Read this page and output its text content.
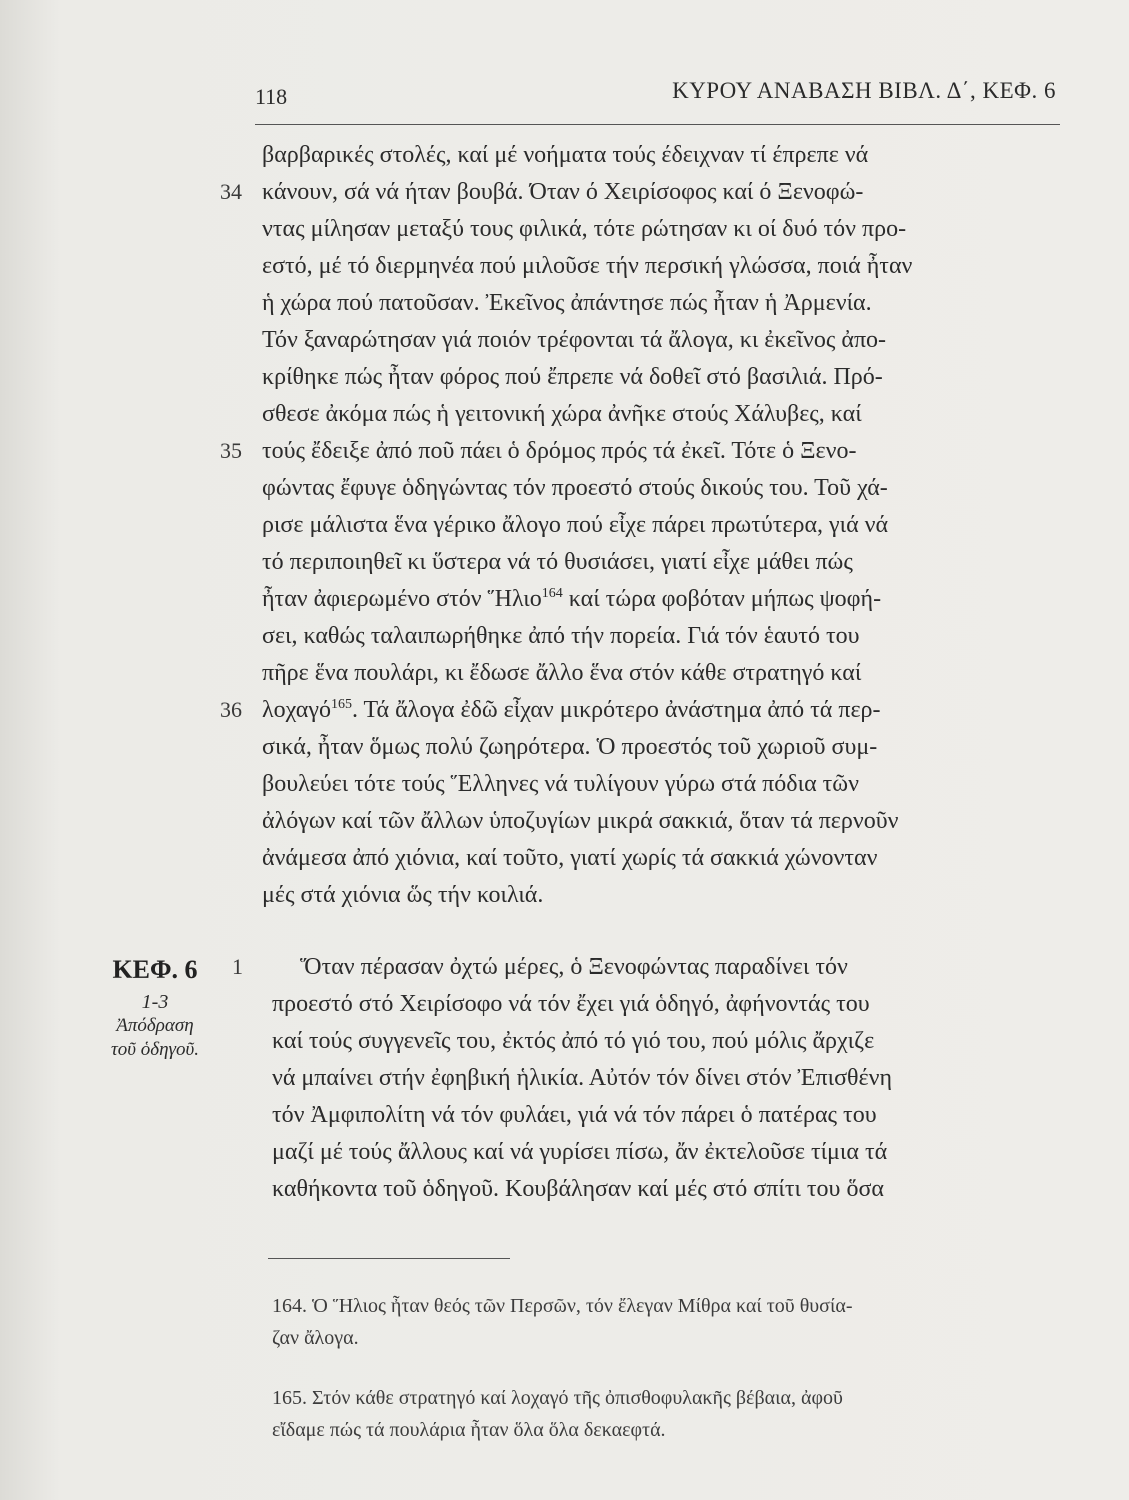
118	ΚΥΡΟΥ ΑΝΑΒΑΣΗ ΒΙΒΛ. Δ΄, ΚΕΦ. 6
βαρβαρικές στολές, καί μέ νοήματα τούς έδειχναν τί έπρεπε νά
34 κάνουν, σά νά ήταν βουβά. Όταν ό Χειρίσοφος καί ό Ξενοφώ-
ντας μίλησαν μεταξύ τους φιλικά, τότε ρώτησαν κι οί δυό τόν προ-
εστό, μέ τό διερμηνέα πού μιλοῦσε τήν περσική γλώσσα, ποιά ἦταν
ἡ χώρα πού πατοῦσαν. Ἐκεῖνος ἀπάντησε πώς ἦταν ἡ Ἀρμενία.
Τόν ξαναρώτησαν γιά ποιόν τρέφονται τά ἄλογα, κι ἐκεῖνος ἀπο-
κρίθηκε πώς ἦταν φόρος πού ἔπρεπε νά δοθεῖ στό βασιλιά. Πρό-
σθεσε ἀκόμα πώς ἡ γειτονική χώρα ἀνῆκε στούς Χάλυβες, καί
35 τούς ἔδειξε ἀπό ποῦ πάει ὁ δρόμος πρός τά ἐκεῖ. Τότε ὁ Ξενο-
φώντας ἔφυγε ὁδηγώντας τόν προεστό στούς δικούς του. Τοῦ χά-
ρισε μάλιστα ἕνα γέρικο ἄλογο πού εἶχε πάρει πρωτύτερα, γιά νά
τό περιποιηθεῖ κι ὕστερα νά τό θυσιάσει, γιατί εἶχε μάθει πώς
ἦταν ἀφιερωμένο στόν Ἥλιο$^{164}$ καί τώρα φοβόταν μήπως ψοφή-
σει, καθώς ταλαιπωρήθηκε ἀπό τήν πορεία. Γιά τόν ἑαυτό του
πῆρε ἕνα πουλάρι, κι ἔδωσε ἄλλο ἕνα στόν κάθε στρατηγό καί
36 λοχαγό$^{165}$. Τά ἄλογα ἐδῶ εἶχαν μικρότερο ἀνάστημα ἀπό τά περ-
σικά, ἦταν ὅμως πολύ ζωηρότερα. Ὁ προεστός τοῦ χωριοῦ συμ-
βουλεύει τότε τούς Ἕλληνες νά τυλίγουν γύρω στά πόδια τῶν
ἀλόγων καί τῶν ἄλλων ὑποζυγίων μικρά σακκιά, ὅταν τά περνοῦν
ἀνάμεσα ἀπό χιόνια, καί τοῦτο, γιατί χωρίς τά σακκιά χώνονταν
μές στά χιόνια ὥς τήν κοιλιά.
1	Ὅταν πέρασαν ὀχτώ μέρες, ὁ Ξενοφώντας παραδίνει τόν
προεστό στό Χειρίσοφο νά τόν ἔχει γιά ὁδηγό, ἀφήνοντάς του
καί τούς συγγενεῖς του, ἐκτός ἀπό τό γιό του, πού μόλις ἄρχιζε
νά μπαίνει στήν ἐφηβική ἡλικία. Αὐτόν τόν δίνει στόν Ἐπισθένη
τόν Ἀμφιπολίτη νά τόν φυλάει, γιά νά τόν πάρει ὁ πατέρας του
μαζί μέ τούς ἄλλους καί νά γυρίσει πίσω, ἄν ἐκτελοῦσε τίμια τά
καθήκοντα τοῦ ὁδηγοῦ. Κουβάλησαν καί μές στό σπίτι του ὅσα
ΚΕΦ. 6
1-3
Ἀπόδραση
τοῦ ὁδηγοῦ.
164. Ὁ Ἥλιος ἦταν θεός τῶν Περσῶν, τόν ἔλεγαν Μίθρα καί τοῦ θυσία-
ζαν ἄλογα.
165. Στόν κάθε στρατηγό καί λοχαγό τῆς ὀπισθοφυλακῆς βέβαια, ἀφοῦ
εἴδαμε πώς τά πουλάρια ἦταν ὅλα ὅλα δεκαεφτά.
